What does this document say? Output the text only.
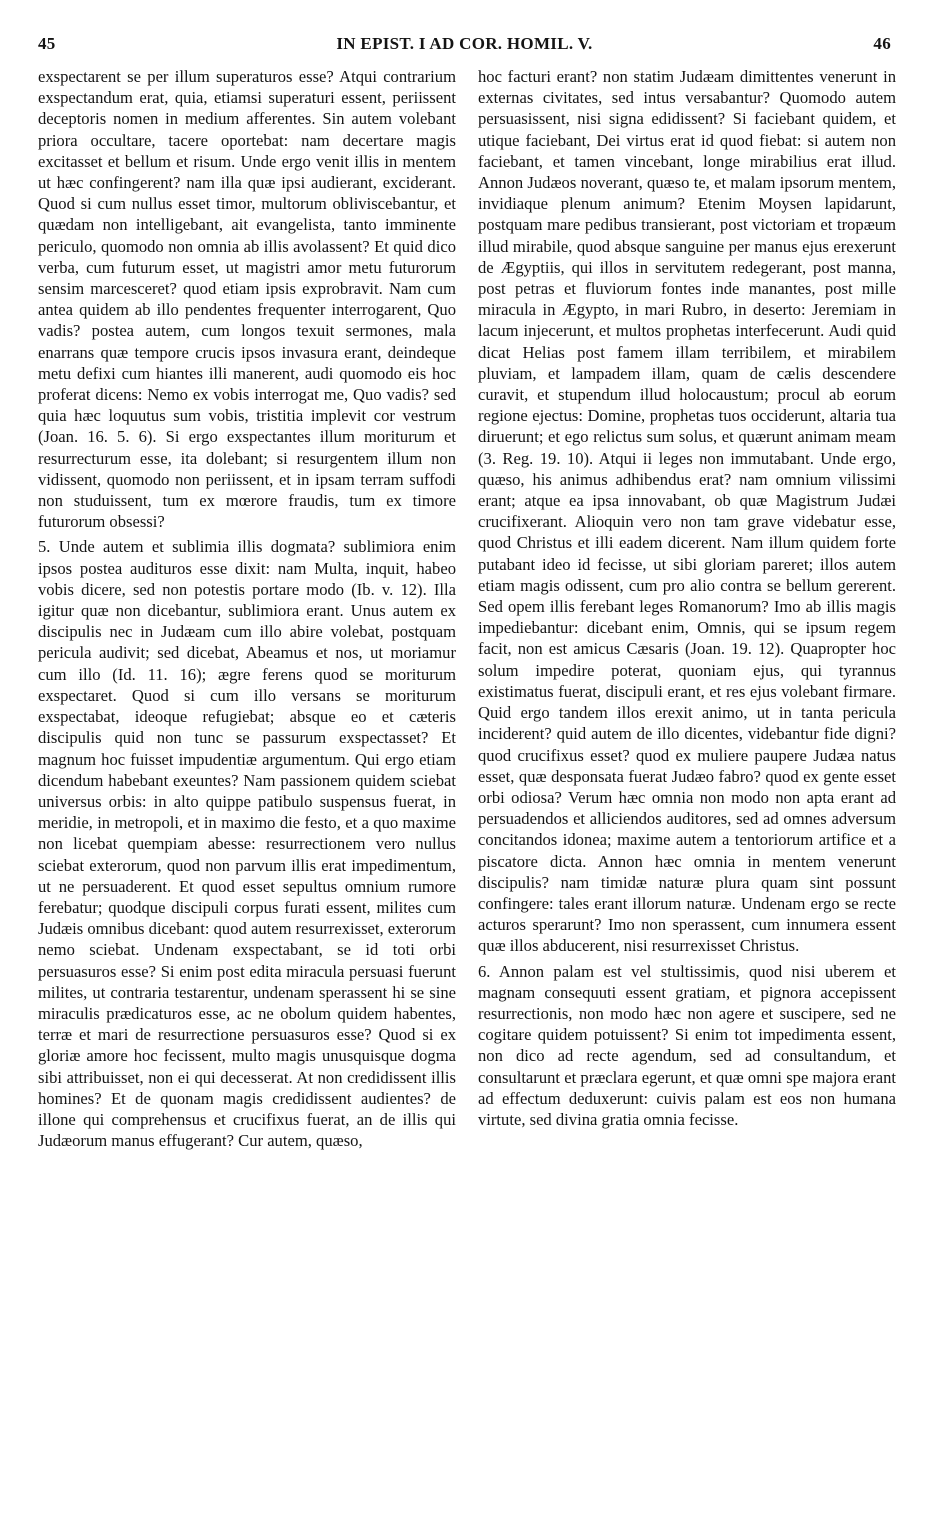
45	IN EPIST. I AD COR. HOMIL. V.	46

exspectarent se per illum superaturos esse? Atqui contrarium exspectandum erat, quia, etiamsi superaturi essent, periissent deceptoris nomen in medium afferentes. Sin autem volebant priora occultare, tacere oportebat: nam decertare magis excitasset et bellum et risum. Unde ergo venit illis in mentem ut hæc confingerent? nam illa quæ ipsi audierant, exciderant. Quod si cum nullus esset timor, multorum obliviscebantur, et quædam non intelligebant, ait evangelista, tanto imminente periculo, quomodo non omnia ab illis avolassent? Et quid dico verba, cum futurum esset, ut magistri amor metu futurorum sensim marcesceret? quod etiam ipsis exprobravit. Nam cum antea quidem ab illo pendentes frequenter interrogarent, Quo vadis? postea autem, cum longos texuit sermones, mala enarrans quæ tempore crucis ipsos invasura erant, deindeque metu defixi cum hiantes illi manerent, audi quomodo eis hoc proferat dicens: Nemo ex vobis interrogat me, Quo vadis? sed quia hæc loquutus sum vobis, tristitia implevit cor vestrum (Joan. 16. 5. 6). Si ergo exspectantes illum moriturum et resurrecturum esse, ita dolebant; si resurgentem illum non vidissent, quomodo non periissent, et in ipsam terram suffodi non studuissent, tum ex mœrore fraudis, tum ex timore futurorum obsessi?

5. Unde autem et sublimia illis dogmata? sublimiora enim ipsos postea audituros esse dixit: nam Multa, inquit, habeo vobis dicere, sed non potestis portare modo (Ib. v. 12). Illa igitur quæ non dicebantur, sublimiora erant. Unus autem ex discipulis nec in Judæam cum illo abire volebat, postquam pericula audivit; sed dicebat, Abeamus et nos, ut moriamur cum illo (Id. 11. 16); ægre ferens quod se moriturum exspectaret. Quod si cum illo versans se moriturum exspectabat, ideoque refugiebat; absque eo et cæteris discipulis quid non tunc se passurum exspectasset? Et magnum hoc fuisset impudentiæ argumentum. Qui ergo etiam dicendum habebant exeuntes? Nam passionem quidem sciebat universus orbis: in alto quippe patibulo suspensus fuerat, in meridie, in metropoli, et in maximo die festo, et a quo maxime non licebat quempiam abesse: resurrectionem vero nullus sciebat exterorum, quod non parvum illis erat impedimentum, ut ne persuaderent. Et quod esset sepultus omnium rumore ferebatur; quodque discipuli corpus furati essent, milites cum Judæis omnibus dicebant: quod autem resurrexisset, exterorum nemo sciebat. Undenam exspectabant, se id toti orbi persuasuros esse? Si enim post edita miracula persuasi fuerunt milites, ut contraria testarentur, undenam sperassent hi se sine miraculis prædicaturos esse, ac ne obolum quidem habentes, terræ et mari de resurrectione persuasuros esse? Quod si ex gloriæ amore hoc fecissent, multo magis unusquisque dogma sibi attribuisset, non ei qui decesserat. At non credidissent illis homines? Et de quonam magis credidissent audientes? de illone qui comprehensus et crucifixus fuerat, an de illis qui Judæorum manus effugerant? Cur autem, quæso,

hoc facturi erant? non statim Judæam dimittentes venerunt in externas civitates, sed intus versabantur? Quomodo autem persuasissent, nisi signa edidissent? Si faciebant quidem, et utique faciebant, Dei virtus erat id quod fiebat: si autem non faciebant, et tamen vincebant, longe mirabilius erat illud. Annon Judæos noverant, quæso te, et malam ipsorum mentem, invidiaque plenum animum? Etenim Moysen lapidarunt, postquam mare pedibus transierant, post victoriam et tropæum illud mirabile, quod absque sanguine per manus ejus erexerunt de Ægyptiis, qui illos in servitutem redegerant, post manna, post petras et fluviorum fontes inde manantes, post mille miracula in Ægypto, in mari Rubro, in deserto: Jeremiam in lacum injecerunt, et multos prophetas interfecerunt. Audi quid dicat Helias post famem illam terribilem, et mirabilem pluviam, et lampadem illam, quam de cælis descendere curavit, et stupendum illud holocaustum; procul ab eorum regione ejectus: Domine, prophetas tuos occiderunt, altaria tua diruerunt; et ego relictus sum solus, et quærunt animam meam (3. Reg. 19. 10). Atqui ii leges non immutabant. Unde ergo, quæso, his animus adhibendus erat? nam omnium vilissimi erant; atque ea ipsa innovabant, ob quæ Magistrum Judæi crucifixerant. Alioquin vero non tam grave videbatur esse, quod Christus et illi eadem dicerent. Nam illum quidem forte putabant ideo id fecisse, ut sibi gloriam pareret; illos autem etiam magis odissent, cum pro alio contra se bellum gererent. Sed opem illis ferebant leges Romanorum? Imo ab illis magis impediebantur: dicebant enim, Omnis, qui se ipsum regem facit, non est amicus Cæsaris (Joan. 19. 12). Quapropter hoc solum impedire poterat, quoniam ejus, qui tyrannus existimatus fuerat, discipuli erant, et res ejus volebant firmare. Quid ergo tandem illos erexit animo, ut in tanta pericula inciderent? quid autem de illo dicentes, videbantur fide digni? quod crucifixus esset? quod ex muliere paupere Judæa natus esset, quæ desponsata fuerat Judæo fabro? quod ex gente esset orbi odiosa? Verum hæc omnia non modo non apta erant ad persuadendos et alliciendos auditores, sed ad omnes adversum concitandos idonea; maxime autem a tentoriorum artifice et a piscatore dicta. Annon hæc omnia in mentem venerunt discipulis? nam timidæ naturæ plura quam sint possunt confingere: tales erant illorum naturæ. Undenam ergo se recte acturos sperarunt? Imo non sperassent, cum innumera essent quæ illos abducerent, nisi resurrexisset Christus.

6. Annon palam est vel stultissimis, quod nisi uberem et magnam consequuti essent gratiam, et pignora accepissent resurrectionis, non modo hæc non agere et suscipere, sed ne cogitare quidem potuissent? Si enim tot impedimenta essent, non dico ad recte agendum, sed ad consultandum, et consultarunt et præclara egerunt, et quæ omni spe majora erant ad effectum deduxerunt: cuivis palam est eos non humana virtute, sed divina gratia omnia fecisse.
